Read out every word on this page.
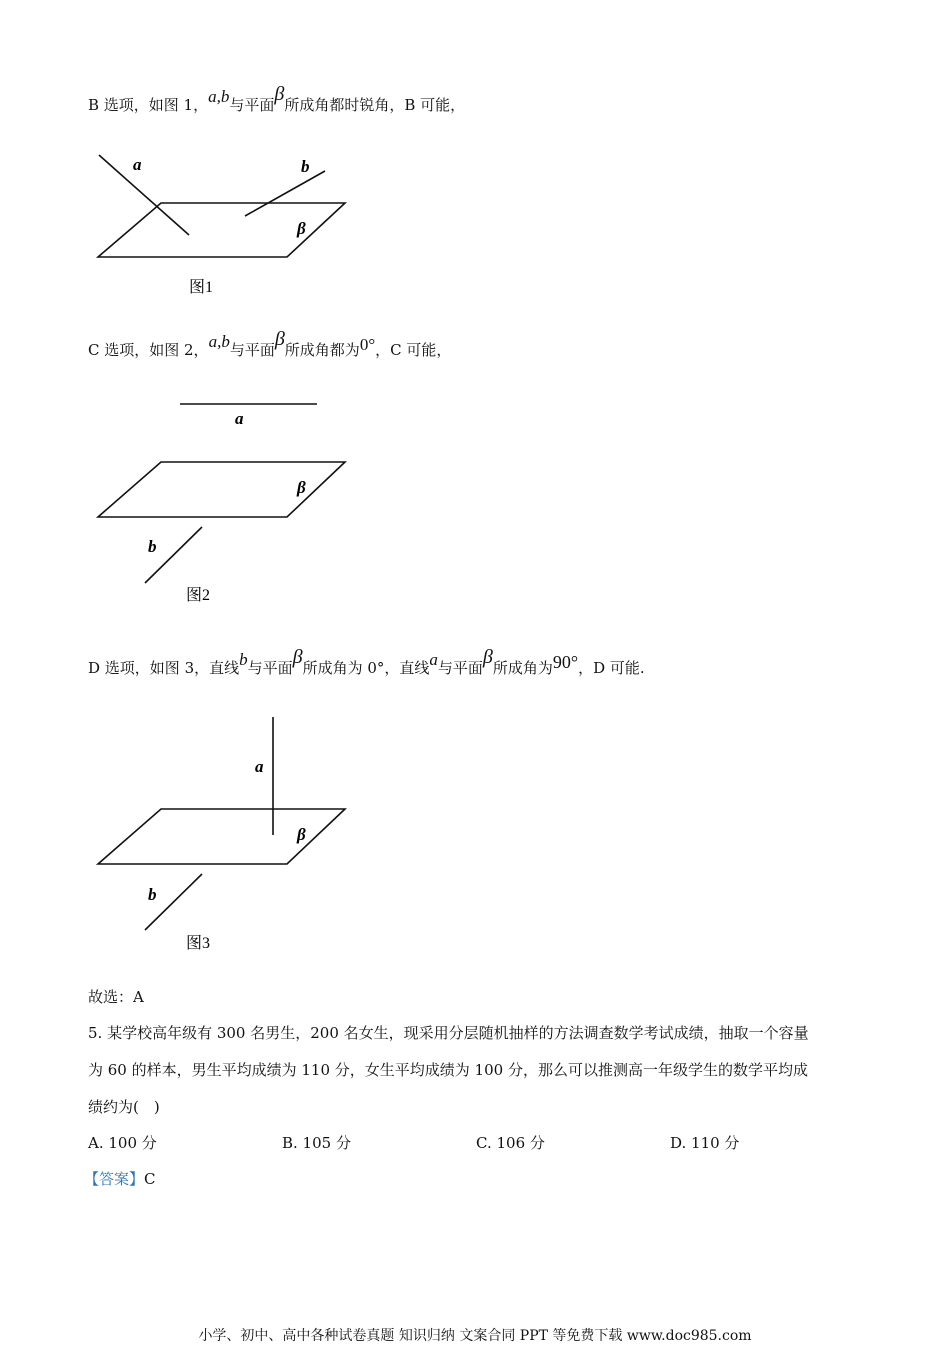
B 选项，如图 1，a,b与平面β所成角都时锐角，B 可能，
a	b
β
图1
C 选项，如图 2，a,b与平面β所成角都为0°，C 可能，
a
β
b
图2
D 选项，如图 3，直线b与平面β所成角为 0°，直线a与平面β所成角为90°，D 可能.
a
β
b
图3
故选：A
5. 某学校高年级有 300 名男生，200 名女生，现采用分层随机抽样的方法调查数学考试成绩，抽取一个容量
为 60 的样本，男生平均成绩为 110 分，女生平均成绩为 100 分，那么可以推测高一年级学生的数学平均成
绩约为(　)
A. 100 分	B. 105 分	C. 106 分	D. 110 分
【答案】C
小学、初中、高中各种试卷真题 知识归纳 文案合同 PPT 等免费下载 www.doc985.com
